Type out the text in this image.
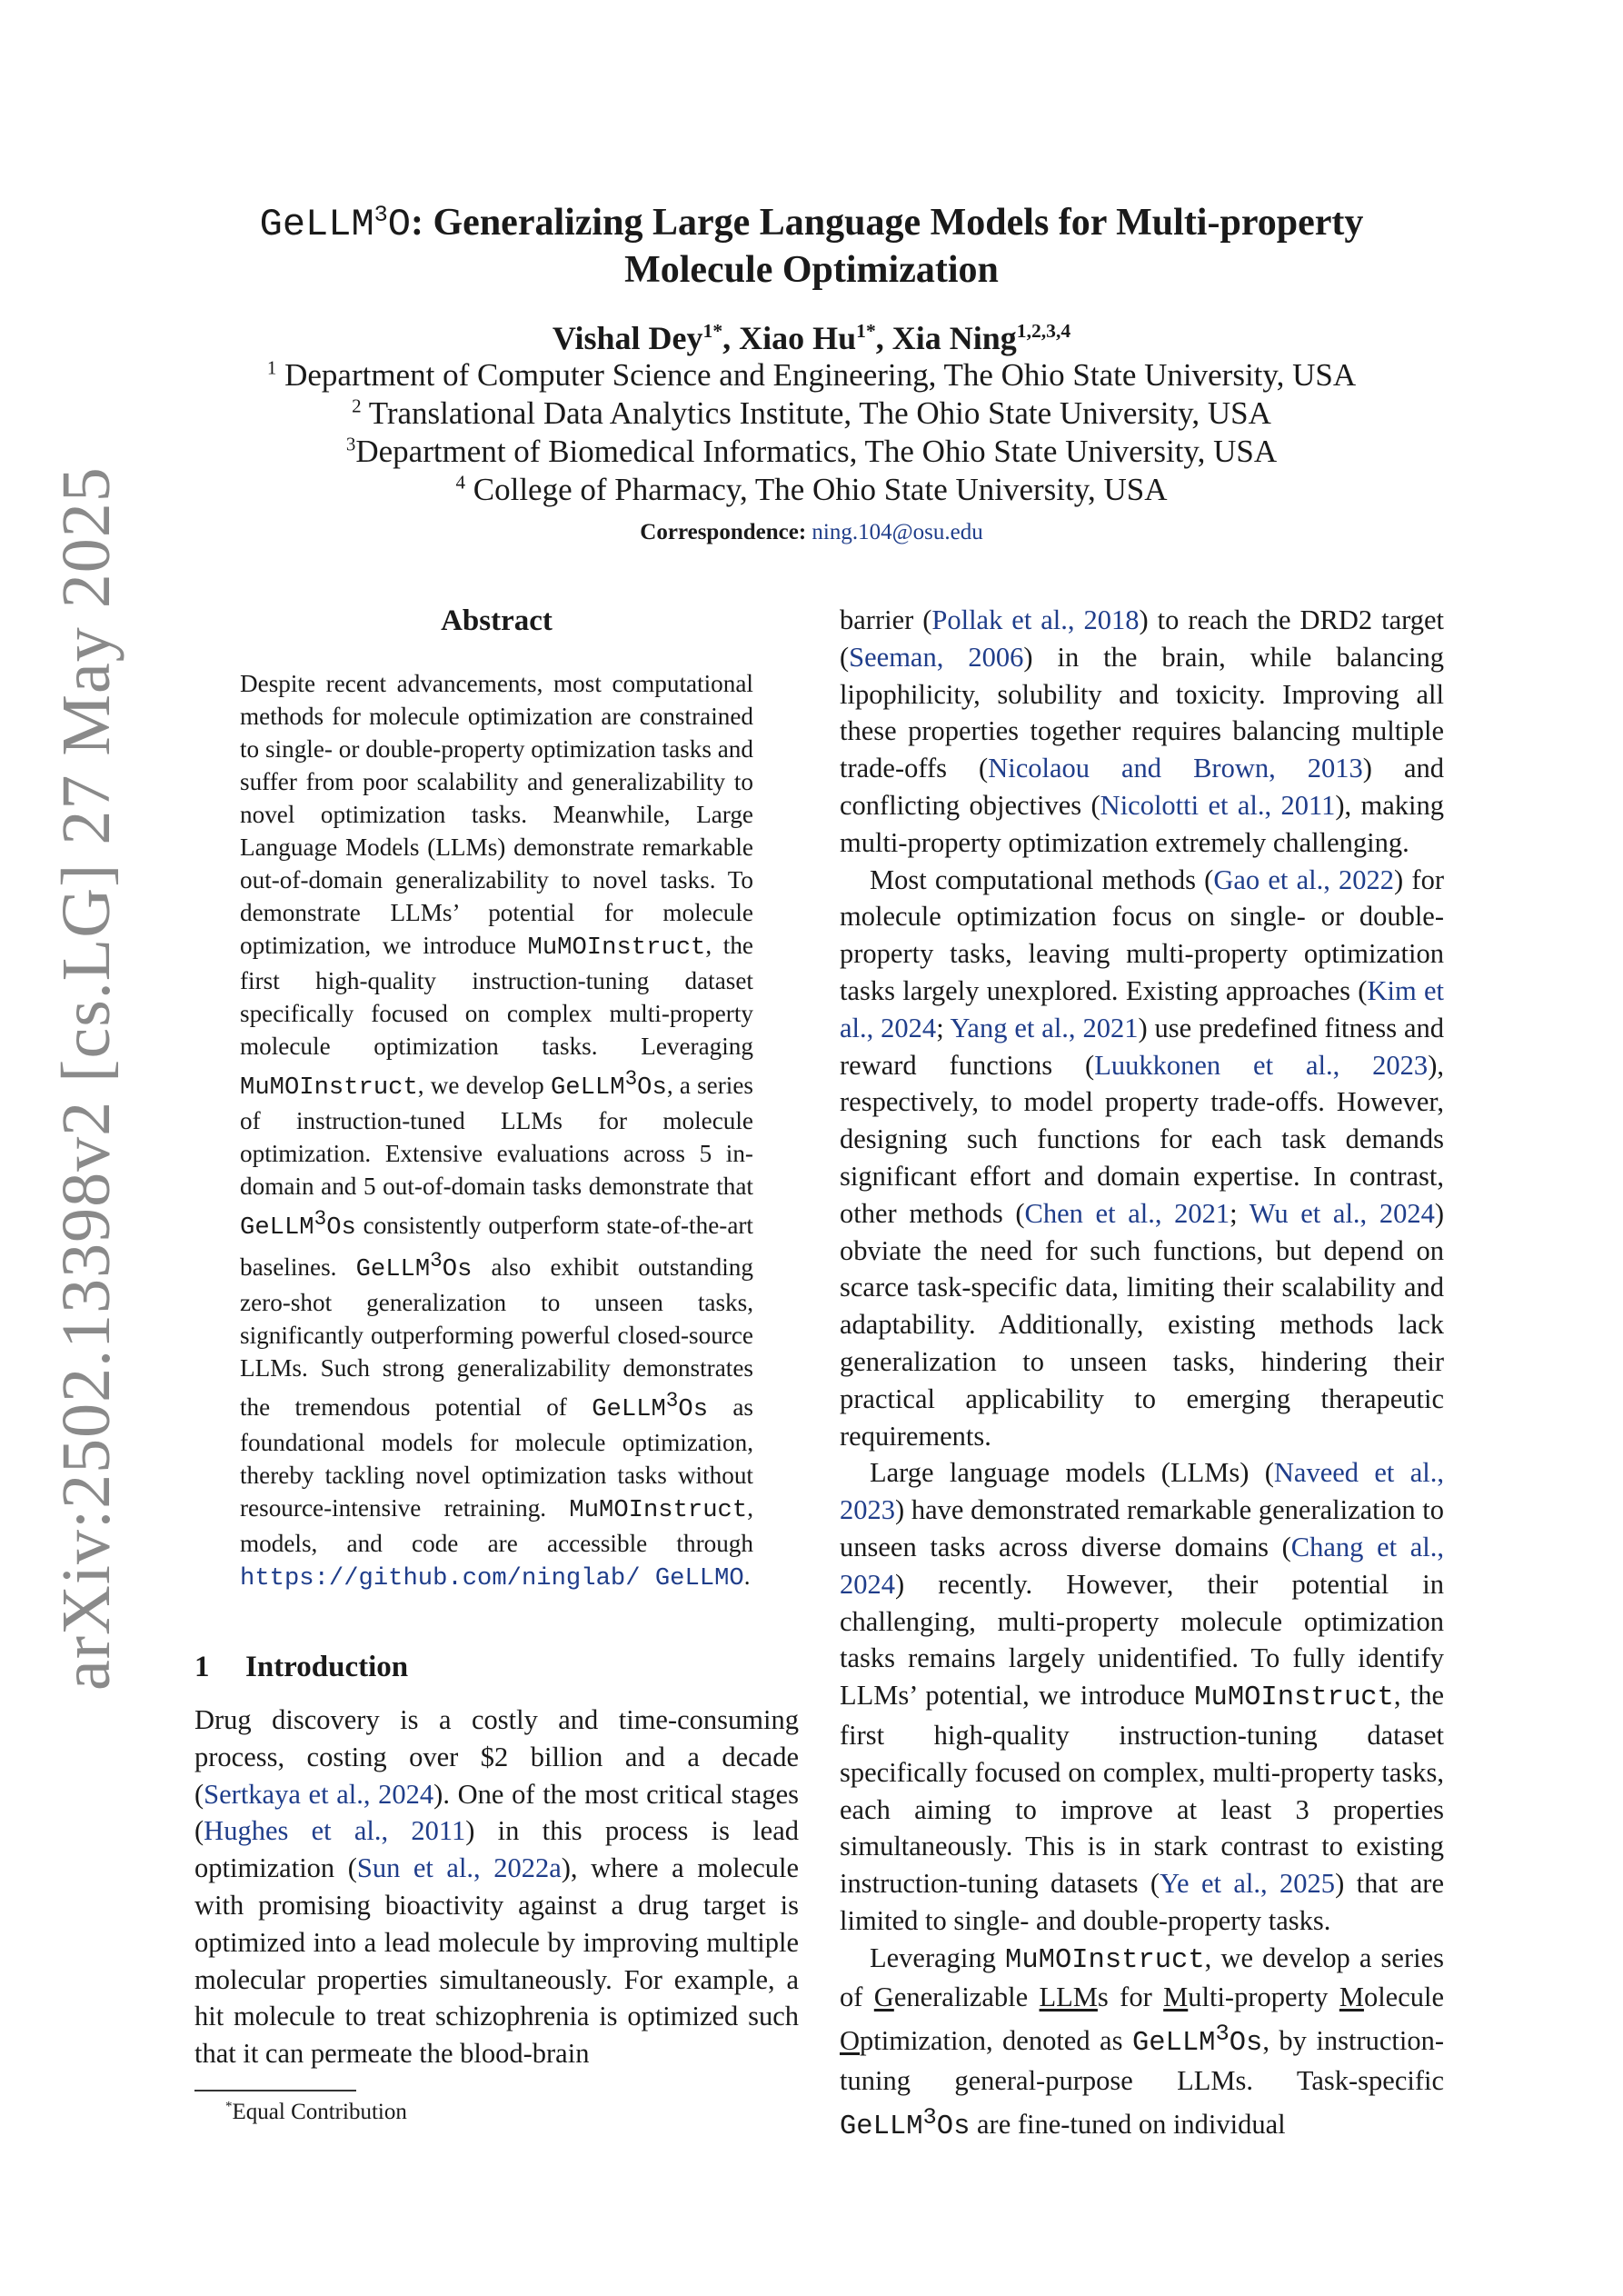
arXiv:2502.13398v2 [cs.LG] 27 May 2025
GeLLM$^3$O: Generalizing Large Language Models for Multi-property
Molecule Optimization
Vishal Dey$^{1*}$, Xiao $Hu^{1*}$, Xia Ning$^{1,2,3,4}$
$^1$ Department of Computer Science and Engineering, The Ohio State University, USA
$^2$ Translational Data Analytics Institute, The Ohio State University, USA
$^3$Department of Biomedical Informatics, The Ohio State University, USA
$^4$ College of Pharmacy, The Ohio State University, USA
Correspondence: ning.104@osu.edu
Abstract
Despite recent advancements, most computational methods for molecule optimization are constrained to single- or double-property optimization tasks and suffer from poor scalability and generalizability to novel optimization tasks. Meanwhile, Large Language Models (LLMs) demonstrate remarkable out-of-domain generalizability to novel tasks. To demonstrate LLMs’ potential for molecule optimization, we introduce MuMOInstruct, the first high-quality instruction-tuning dataset specifically focused on complex multi-property molecule optimization tasks. Leveraging MuMOInstruct, we develop GeLLM$^3$Os, a series of instruction-tuned LLMs for molecule optimization. Extensive evaluations across 5 in-domain and 5 out-of-domain tasks demonstrate that GeLLM$^3$Os consistently outperform state-of-the-art baselines. GeLLM$^3$Os also exhibit outstanding zero-shot generalization to unseen tasks, significantly outperforming powerful closed-source LLMs. Such strong generalizability demonstrates the tremendous potential of GeLLM$^3$Os as foundational models for molecule optimization, thereby tackling novel optimization tasks without resource-intensive retraining. MuMOInstruct, models, and code are accessible through https://github.com/ninglab/ GeLLMO.
1 Introduction
Drug discovery is a costly and time-consuming process, costing over $2 billion and a decade (Sertkaya et al., 2024). One of the most critical stages (Hughes et al., 2011) in this process is lead optimization (Sun et al., 2022a), where a molecule with promising bioactivity against a drug target is optimized into a lead molecule by improving multiple molecular properties simultaneously. For example, a hit molecule to treat schizophrenia is optimized such that it can permeate the blood-brain

barrier (Pollak et al., 2018) to reach the DRD2 target (Seeman, 2006) in the brain, while balancing lipophilicity, solubility and toxicity. Improving all these properties together requires balancing multiple trade-offs (Nicolaou and Brown, 2013) and conflicting objectives (Nicolotti et al., 2011), making multi-property optimization extremely challenging.

Most computational methods (Gao et al., 2022) for molecule optimization focus on single- or double-property tasks, leaving multi-property optimization tasks largely unexplored. Existing approaches (Kim et al., 2024; Yang et al., 2021) use predefined fitness and reward functions (Luukkonen et al., 2023), respectively, to model property trade-offs. However, designing such functions for each task demands significant effort and domain expertise. In contrast, other methods (Chen et al., 2021; Wu et al., 2024) obviate the need for such functions, but depend on scarce task-specific data, limiting their scalability and adaptability. Additionally, existing methods lack generalization to unseen tasks, hindering their practical applicability to emerging therapeutic requirements.

Large language models (LLMs) (Naveed et al., 2023) have demonstrated remarkable generalization to unseen tasks across diverse domains (Chang et al., 2024) recently. However, their potential in challenging, multi-property molecule optimization tasks remains largely unidentified. To fully identify LLMs’ potential, we introduce MuMOInstruct, the first high-quality instruction-tuning dataset specifically focused on complex, multi-property tasks, each aiming to improve at least 3 properties simultaneously. This is in stark contrast to existing instruction-tuning datasets (Ye et al., 2025) that are limited to single- and double-property tasks.

Leveraging MuMOInstruct, we develop a series of Generalizable LLMs for Multi-property Molecule Optimization, denoted as GeLLM$^3$Os, by instruction-tuning general-purpose LLMs. Task-specific GeLLM$^3$Os are fine-tuned on individual

*Equal Contribution
